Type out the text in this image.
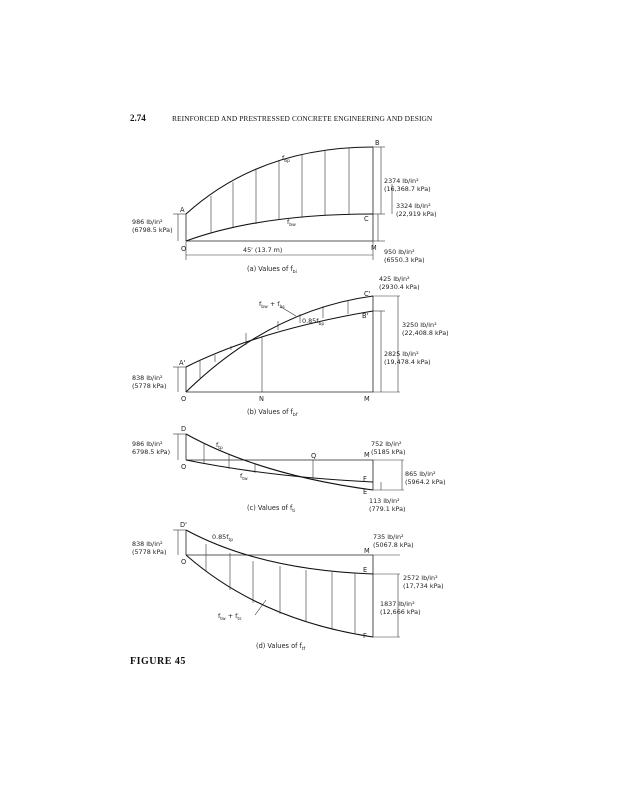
2.74	REINFORCED AND PRESTRESSED CONCRETE ENGINEERING AND DESIGN
A
B
C
O	M
$f_{bp}$
$f_{bw}$
986 lb/in²
(6798.5 kPa)
45' (13.7 m)
2374 lb/in²
(16,368.7 kPa)
3324 lb/in²
(22,919 kPa)
950 lb/in²
(6550.3 kPa)
(a) Values of $f_{bi}$
A'
B'
C'
O	N	M
$f_{bw} + f_{bs}$
$0.85f_{bp}$
838 lb/in²
(5778 kPa)
425 lb/in²
(2930.4 kPa)
3250 lb/in²
(22,408.8 kPa)
2825 lb/in²
(19,478.4 kPa)
(b) Values of $f_{bf}$
D
O
Q	M
F
E
$f_{tp}$
$f_{tw}$
986 lb/in²
6798.5 kPa)
752 lb/in²
(5185 kPa)
865 lb/in²
(5964.2 kPa)
113 lb/in²
(779.1 kPa)
(c) Values of $f_{ti}$
D'
O
M
E
F
$0.85f_{tp}$
$f_{tw} + f_{ts}$
838 lb/in²
(5778 kPa)
735 lb/in²
(5067.8 kPa)
2572 lb/in²
(17,734 kPa)
1837 lb/in²
(12,666 kPa)
(d) Values of $f_{tf}$
FIGURE 45
